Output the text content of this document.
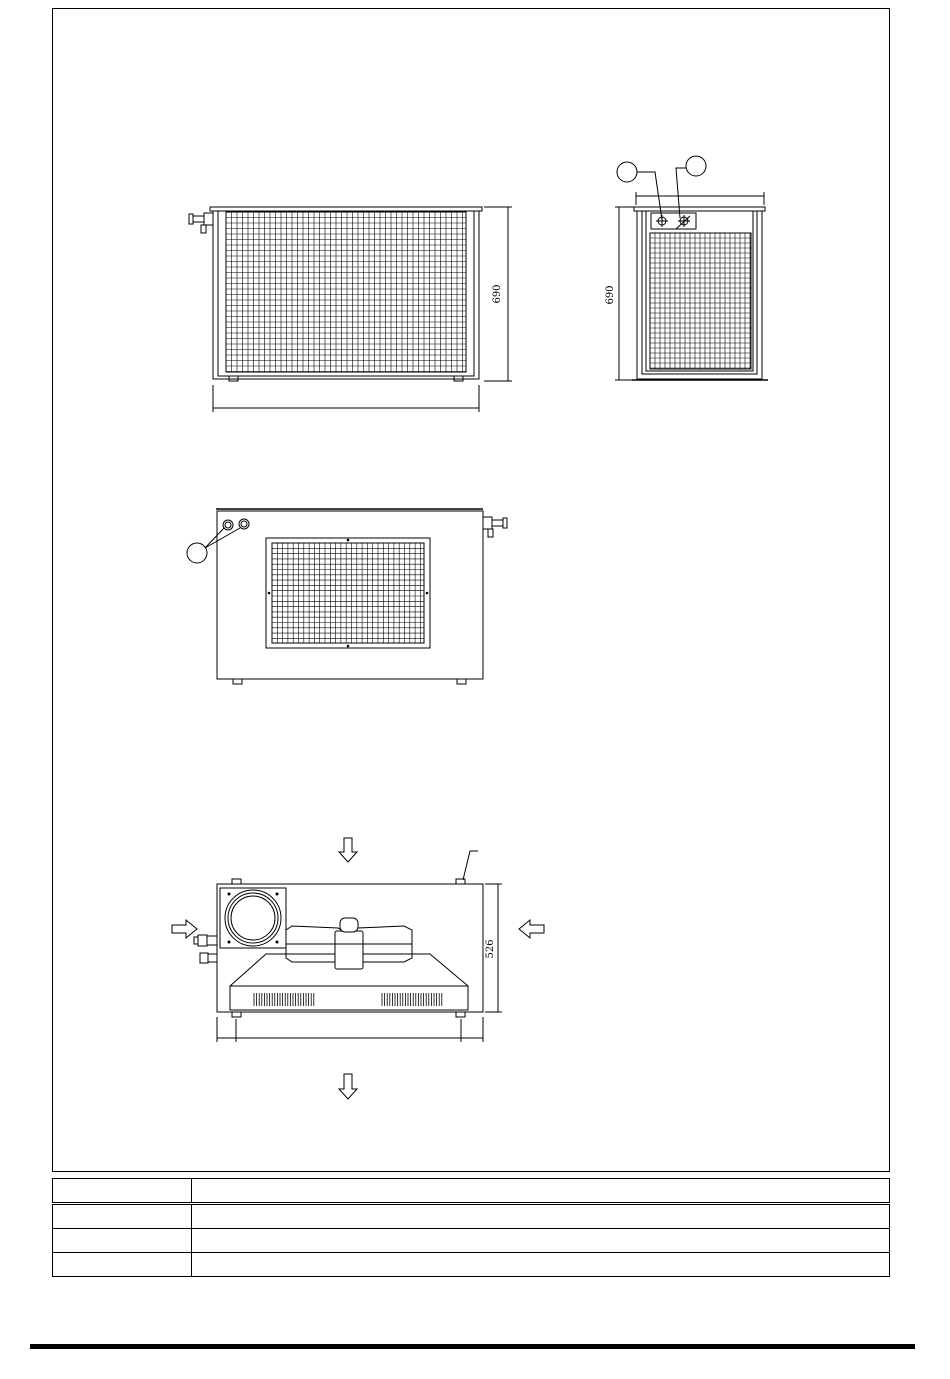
690	690
526
